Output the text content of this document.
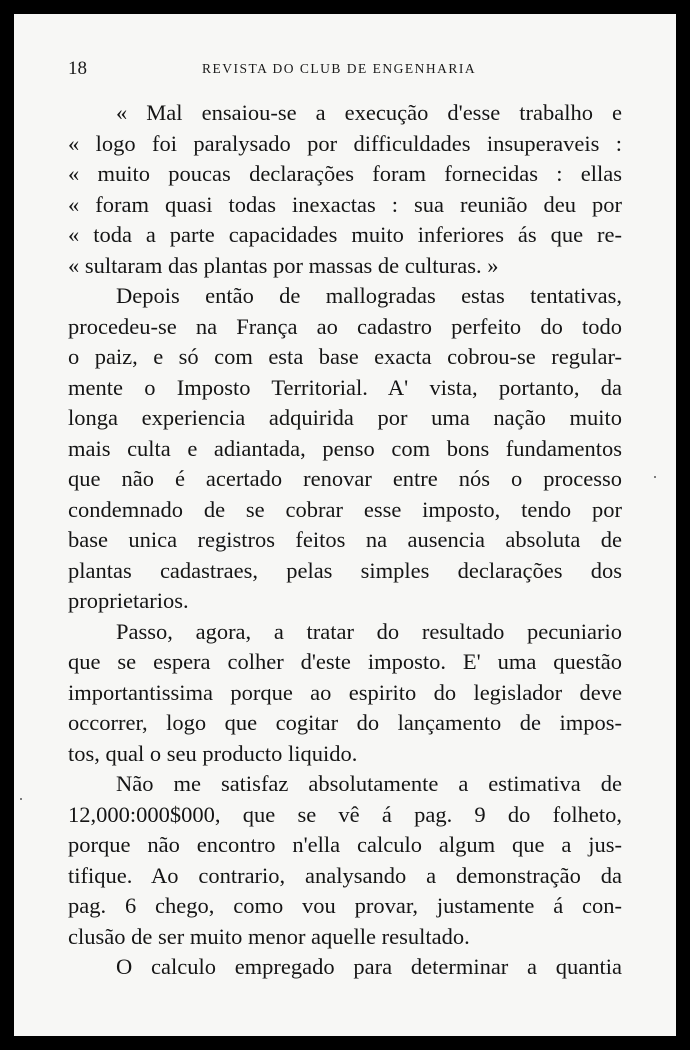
18	REVISTA DO CLUB DE ENGENHARIA
« Mal ensaiou-se a execução d'esse trabalho e
« logo foi paralysado por difficuldades insuperaveis :
« muito poucas declarações foram fornecidas : ellas
« foram quasi todas inexactas : sua reunião deu por
« toda a parte capacidades muito inferiores ás que re-
« sultaram das plantas por massas de culturas. »
Depois então de mallogradas estas tentativas,
procedeu-se na França ao cadastro perfeito do todo
o paiz, e só com esta base exacta cobrou-se regular-
mente o Imposto Territorial. A' vista, portanto, da
longa experiencia adquirida por uma nação muito
mais culta e adiantada, penso com bons fundamentos
que não é acertado renovar entre nós o processo
condemnado de se cobrar esse imposto, tendo por
base unica registros feitos na ausencia absoluta de
plantas cadastraes, pelas simples declarações dos
proprietarios.
Passo, agora, a tratar do resultado pecuniario
que se espera colher d'este imposto. E' uma questão
importantissima porque ao espirito do legislador deve
occorrer, logo que cogitar do lançamento de impos-
tos, qual o seu producto liquido.
Não me satisfaz absolutamente a estimativa de
12,000:000$000, que se vê á pag. 9 do folheto,
porque não encontro n'ella calculo algum que a jus-
tifique. Ao contrario, analysando a demonstração da
pag. 6 chego, como vou provar, justamente á con-
clusão de ser muito menor aquelle resultado.
O calculo empregado para determinar a quantia
